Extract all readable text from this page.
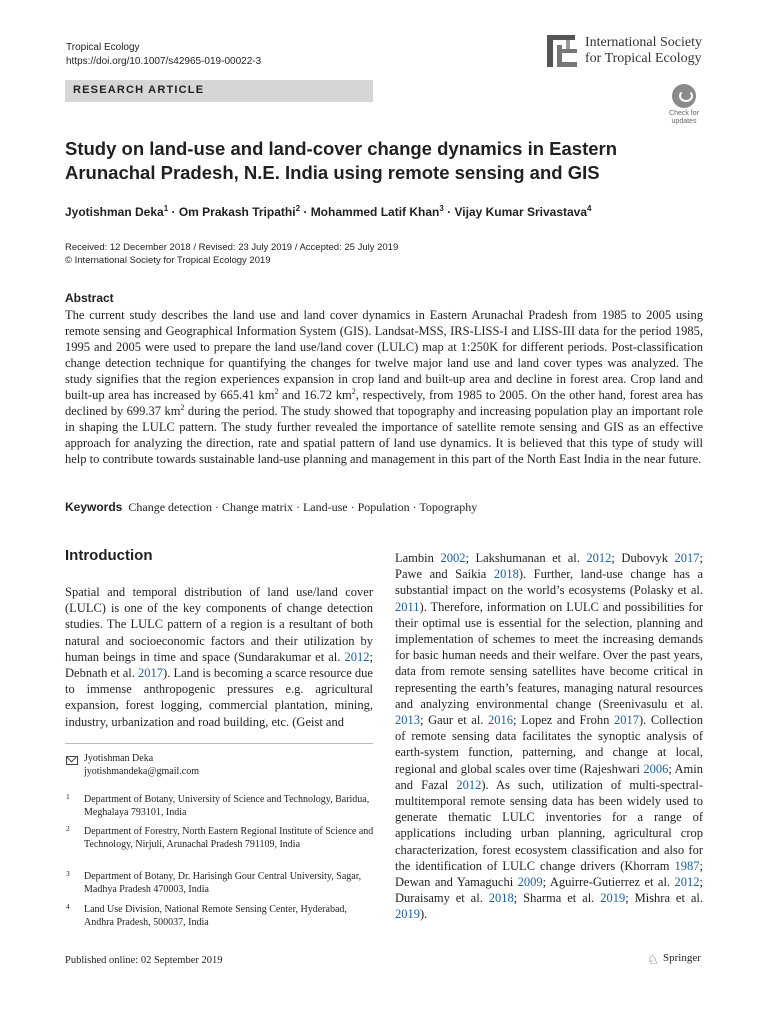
Tropical Ecology
https://doi.org/10.1007/s42965-019-00022-3
International Society
for Tropical Ecology
RESEARCH ARTICLE
Check for updates
Study on land-use and land-cover change dynamics in Eastern Arunachal Pradesh, N.E. India using remote sensing and GIS
Jyotishman Deka$^1$ · Om Prakash Tripathi$^2$ · Mohammed Latif Khan$^3$ · Vijay Kumar Srivastava$^4$
Received: 12 December 2018 / Revised: 23 July 2019 / Accepted: 25 July 2019
© International Society for Tropical Ecology 2019
Abstract
The current study describes the land use and land cover dynamics in Eastern Arunachal Pradesh from 1985 to 2005 using remote sensing and Geographical Information System (GIS). Landsat-MSS, IRS-LISS-I and LISS-III data for the period 1985, 1995 and 2005 were used to prepare the land use/land cover (LULC) map at 1:250K for different periods. Post-classification change detection technique for quantifying the changes for twelve major land use and land cover types was analyzed. The study signifies that the region experiences expansion in crop land and built-up area and decline in forest area. Crop land and built-up area has increased by 665.41 $km^2$ and 16.72 $km^2$, respectively, from 1985 to 2005. On the other hand, forest area has declined by 699.37 $km^2$ during the period. The study showed that topography and increasing population play an important role in shaping the LULC pattern. The study further revealed the importance of satellite remote sensing and GIS as an effective approach for analyzing the direction, rate and spatial pattern of land use dynamics. It is believed that this type of study will help to contribute towards sustainable land-use planning and management in this part of the North East India in the near future.
Keywords Change detection · Change matrix · Land-use · Population · Topography
Introduction
Spatial and temporal distribution of land use/land cover (LULC) is one of the key components of change detection studies. The LULC pattern of a region is a resultant of both natural and socioeconomic factors and their utilization by human beings in time and space (Sundarakumar et al. 2012; Debnath et al. 2017). Land is becoming a scarce resource due to immense anthropogenic pressures e.g. agricultural expansion, forest logging, commercial plantation, mining, industry, urbanization and road building, etc. (Geist and
Lambin 2002; Lakshumanan et al. 2012; Dubovyk 2017; Pawe and Saikia 2018). Further, land-use change has a substantial impact on the world’s ecosystems (Polasky et al. 2011). Therefore, information on LULC and possibilities for their optimal use is essential for the selection, planning and implementation of schemes to meet the increasing demands for basic human needs and their welfare. Over the past years, data from remote sensing satellites have become critical in representing the earth’s features, managing natural resources and analyzing environmental change (Sreenivasulu et al. 2013; Gaur et al. 2016; Lopez and Frohn 2017). Collection of remote sensing data facilitates the synoptic analysis of earth-system function, patterning, and change at local, regional and global scales over time (Rajeshwari 2006; Amin and Fazal 2012). As such, utilization of multi-spectral-multitemporal remote sensing data has been widely used to generate thematic LULC inventories for a range of applications including urban planning, agricultural crop characterization, forest ecosystem classification and also for the identification of LULC change drivers (Khorram 1987; Dewan and Yamaguchi 2009; Aguirre-Gutierrez et al. 2012; Duraisamy et al. 2018; Sharma et al. 2019; Mishra et al. 2019).
Jyotishman Deka
jyotishmandeka@gmail.com
1 Department of Botany, University of Science and Technology, Baridua, Meghalaya 793101, India
2 Department of Forestry, North Eastern Regional Institute of Science and Technology, Nirjuli, Arunachal Pradesh 791109, India
3 Department of Botany, Dr. Harisingh Gour Central University, Sagar, Madhya Pradesh 470003, India
4 Land Use Division, National Remote Sensing Center, Hyderabad, Andhra Pradesh, 500037, India
Published online: 02 September 2019	♘ Springer
